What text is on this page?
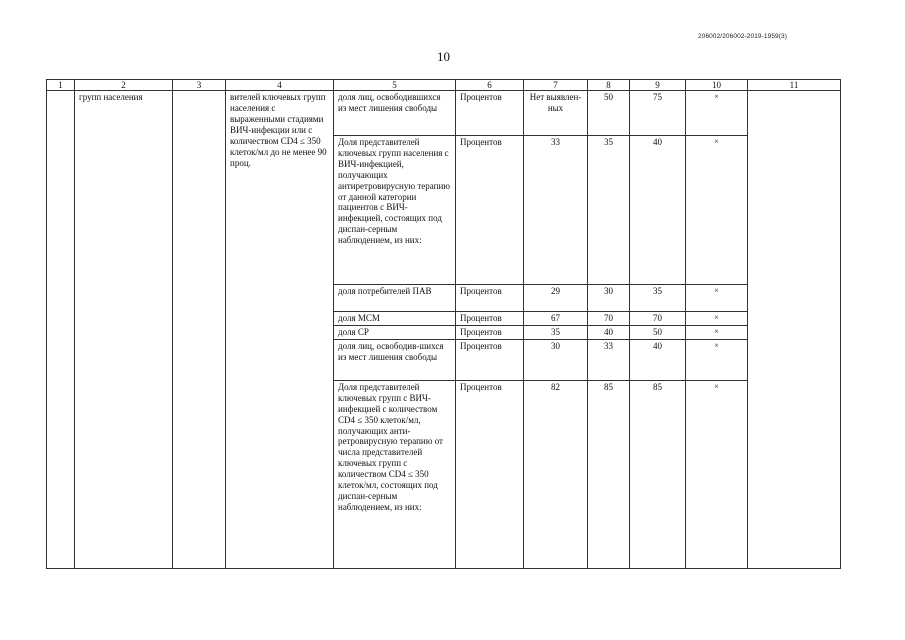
206002/206002-2019-1959(3)
10
1	2	3	4	5	6	7	8	9	10	11
	групп населения		вителей ключевых групп населения с выраженными стадиями ВИЧ-инфекции или с количеством CD4 ≤ 350 клеток/мл до не менее 90 проц.	доля лиц, освободившихся из мест лишения свободы	Процентов	Нет выявлен-ных	50	75	×	
				Доля представителей ключевых групп населения с ВИЧ-инфекцией, получающих антиретровирусную терапию от данной категории пациентов с ВИЧ-инфекцией, состоящих под диспан-серным наблюдением, из них:	Процентов	33	35	40	×	
				доля потребителей ПАВ	Процентов	29	30	35	×	
				доля МСМ	Процентов	67	70	70	×	
				доля СР	Процентов	35	40	50	×	
				доля лиц, освободив-шихся из мест лишения свободы	Процентов	30	33	40	×	
				Доля представителей ключевых групп с ВИЧ-инфекцией с количеством CD4 ≤ 350 клеток/мл, получающих анти-ретровирусную терапию от числа представителей ключевых групп с количеством CD4 ≤ 350 клеток/мл, состоящих под диспан-серным наблюдением, из них:	Процентов	82	85	85	×	
